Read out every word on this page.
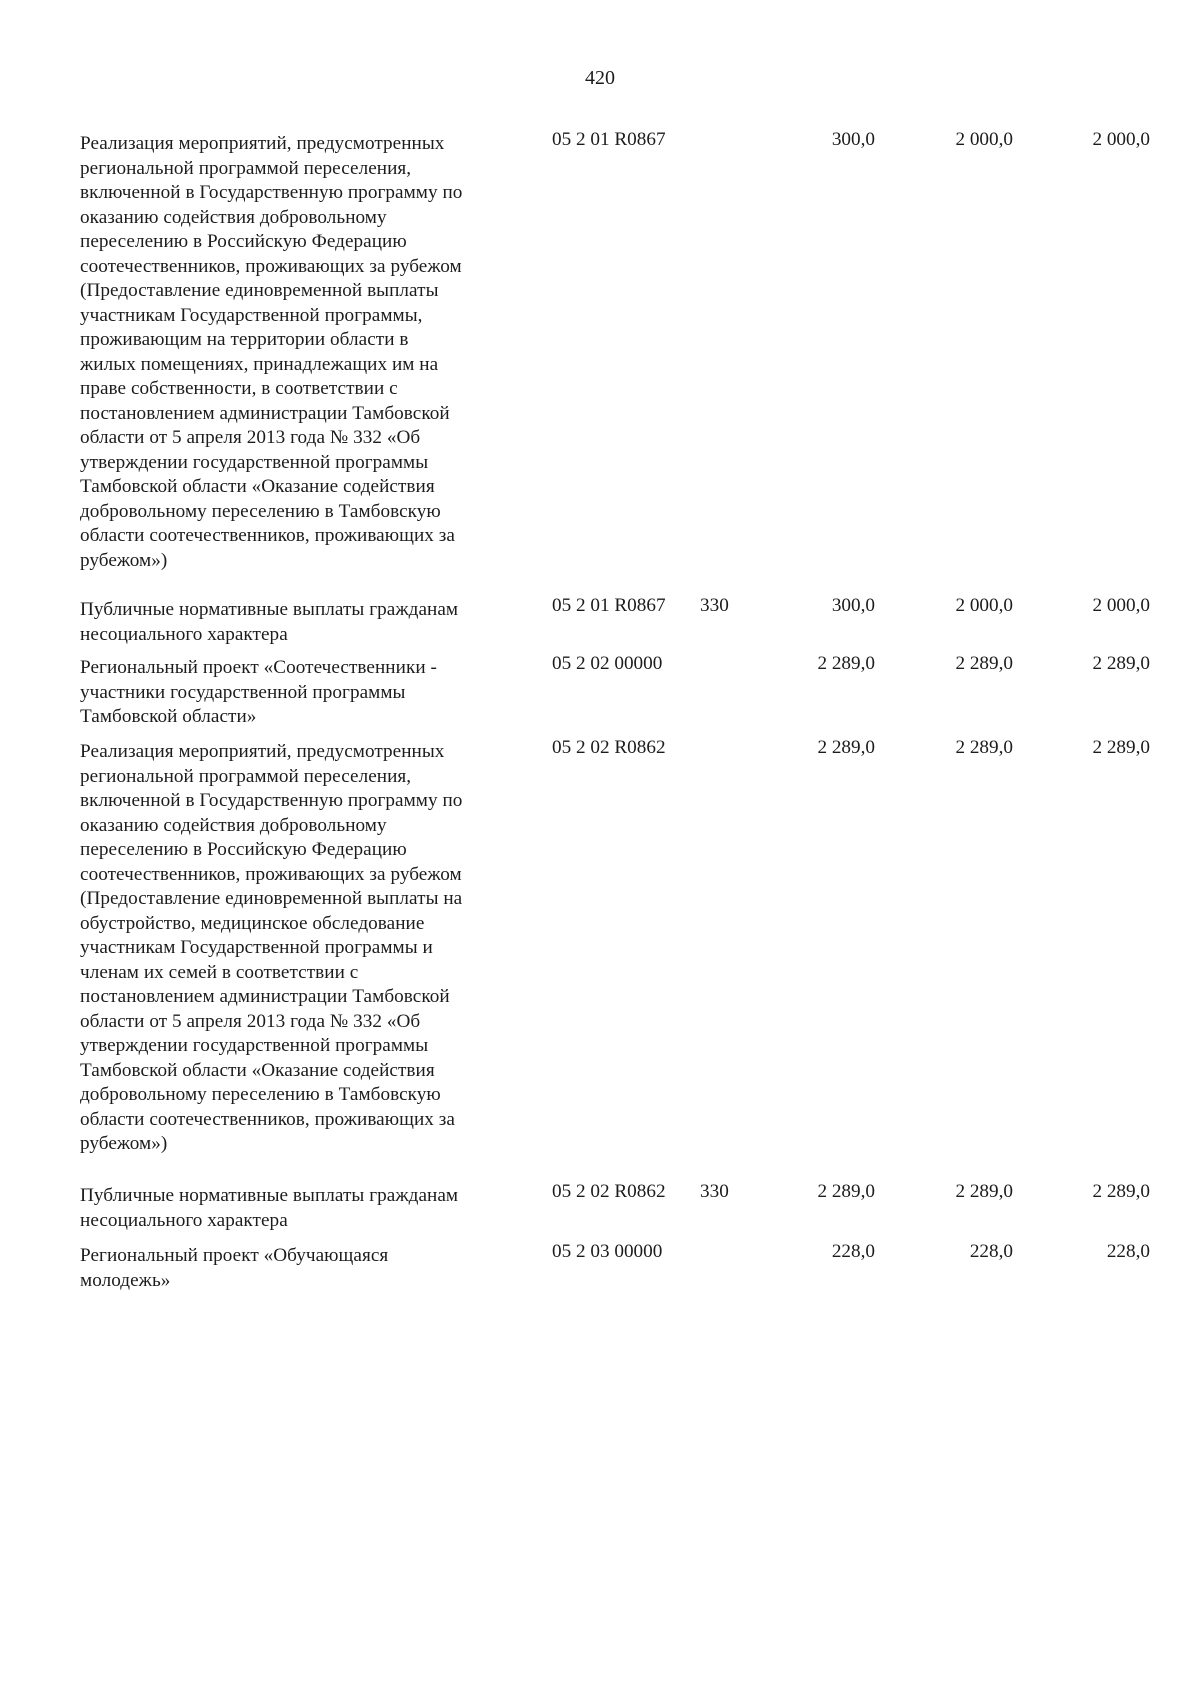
420
Реализация мероприятий, предусмотренных
региональной программой переселения,
включенной в Государственную программу по
оказанию содействия добровольному
переселению в Российскую Федерацию
соотечественников, проживающих за рубежом
(Предоставление единовременной выплаты
участникам Государственной программы,
проживающим на территории области в
жилых помещениях, принадлежащих им на
праве собственности, в соответствии с
постановлением администрации Тамбовской
области от 5 апреля 2013 года № 332 «Об
утверждении государственной программы
Тамбовской области «Оказание содействия
добровольному переселению в Тамбовскую
области соотечественников, проживающих за
рубежом»)
05 2 01 R0867	300,0	2 000,0	2 000,0
Публичные нормативные выплаты гражданам
несоциального характера
05 2 01 R0867 330	300,0	2 000,0	2 000,0
Региональный проект «Соотечественники -
участники государственной программы
Тамбовской области»
05 2 02 00000	2 289,0	2 289,0	2 289,0
Реализация мероприятий, предусмотренных
региональной программой переселения,
включенной в Государственную программу по
оказанию содействия добровольному
переселению в Российскую Федерацию
соотечественников, проживающих за рубежом
(Предоставление единовременной выплаты на
обустройство, медицинское обследование
участникам Государственной программы и
членам их семей в соответствии с
постановлением администрации Тамбовской
области от 5 апреля 2013 года № 332 «Об
утверждении государственной программы
Тамбовской области «Оказание содействия
добровольному переселению в Тамбовскую
области соотечественников, проживающих за
рубежом»)
05 2 02 R0862	2 289,0	2 289,0	2 289,0
Публичные нормативные выплаты гражданам
несоциального характера
05 2 02 R0862 330	2 289,0	2 289,0	2 289,0
Региональный проект «Обучающаяся
молодежь»
05 2 03 00000	228,0	228,0	228,0
